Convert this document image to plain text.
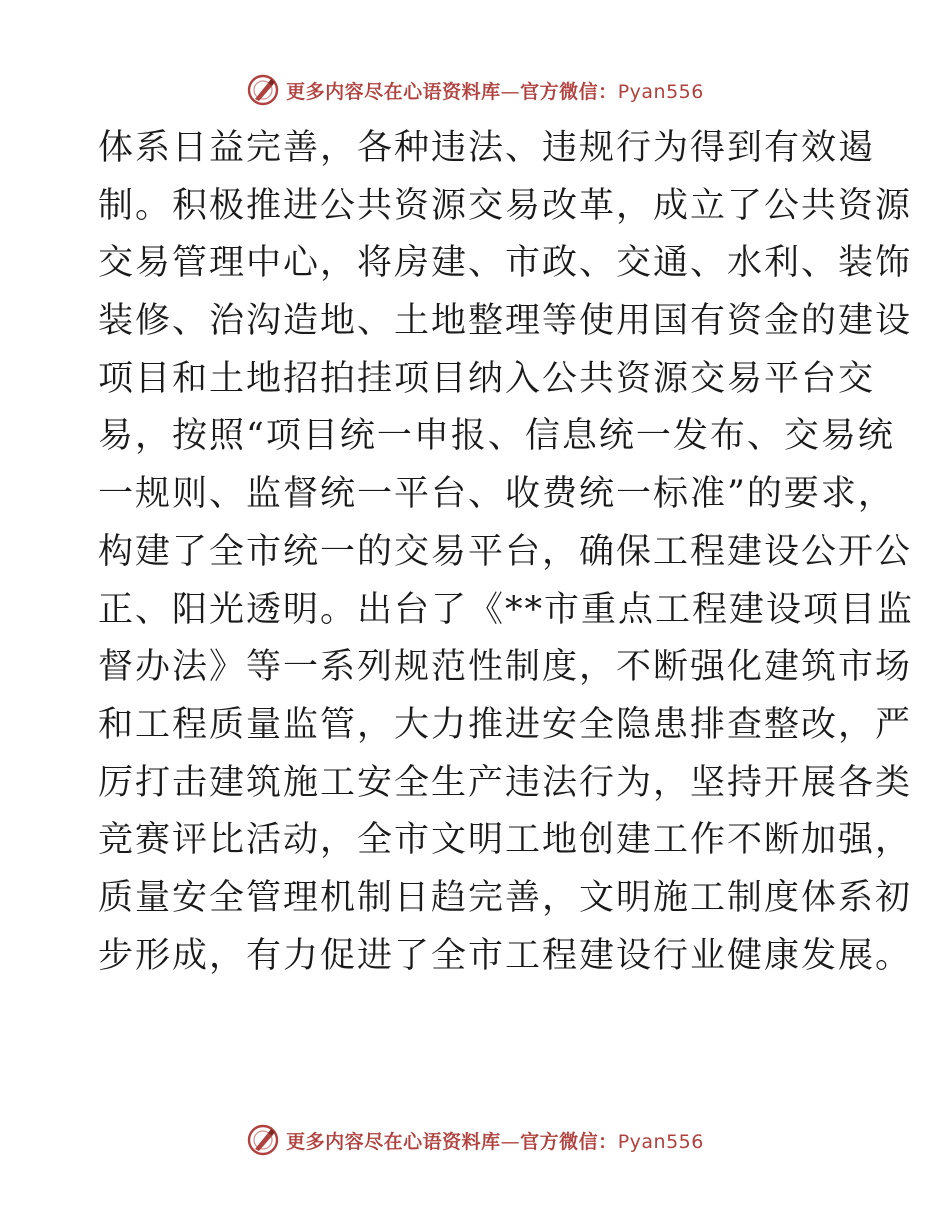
更多内容尽在心语资料库—官方微信：Pyan556
体系日益完善，各种违法、违规行为得到有效遏
制。积极推进公共资源交易改革，成立了公共资源
交易管理中心，将房建、市政、交通、水利、装饰
装修、治沟造地、土地整理等使用国有资金的建设
项目和土地招拍挂项目纳入公共资源交易平台交
易，按照“项目统一申报、信息统一发布、交易统
一规则、监督统一平台、收费统一标准”的要求，
构建了全市统一的交易平台，确保工程建设公开公
正、阳光透明。出台了《**市重点工程建设项目监
督办法》等一系列规范性制度，不断强化建筑市场
和工程质量监管，大力推进安全隐患排查整改，严
厉打击建筑施工安全生产违法行为，坚持开展各类
竞赛评比活动，全市文明工地创建工作不断加强，
质量安全管理机制日趋完善，文明施工制度体系初
步形成，有力促进了全市工程建设行业健康发展。
更多内容尽在心语资料库—官方微信：Pyan556
